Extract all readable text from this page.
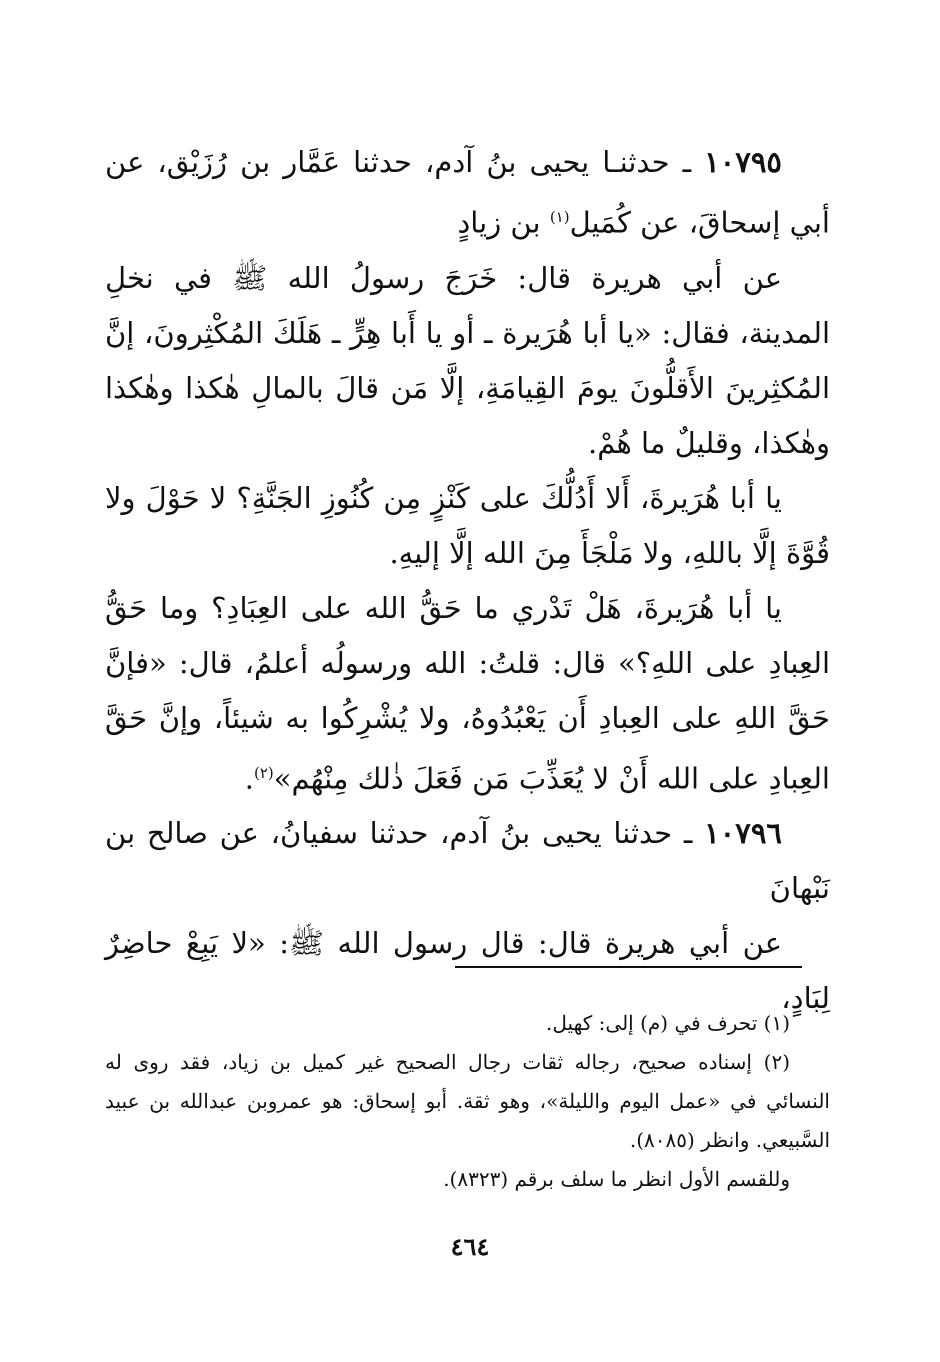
١٠٧٩٥ ـ حدثنـا يحيى بنُ آدم، حدثنا عَمَّار بن رُزَيْق، عن أبي إسحاقَ، عن كُمَيل$^{(١)}$ بن زيادٍ

عن أبي هريرة قال: خَرَجَ رسولُ الله ﷺ في نخلِ المدينة، فقال: «يا أبا هُرَيرة ـ أو يا أَبا هِرٍّ ـ هَلَكَ المُكْثِرونَ، إنَّ المُكثِرينَ الأَقلُّونَ يومَ القِيامَةِ، إلَّا مَن قالَ بالمالِ هٰكذا وهٰكذا وهٰكذا، وقليلٌ ما هُمْ.

يا أبا هُرَيرةَ، أَلا أَدُلُّكَ على كَنْزٍ مِن كُنُوزِ الجَنَّةِ؟ لا حَوْلَ ولا قُوَّةَ إلَّا باللهِ، ولا مَلْجَأَ مِنَ الله إلَّا إليهِ.

يا أبا هُرَيرةَ، هَلْ تَدْري ما حَقُّ الله على العِبَادِ؟ وما حَقُّ العِبادِ على اللهِ؟» قال: قلتُ: الله ورسولُه أعلمُ، قال: «فإنَّ حَقَّ اللهِ على العِبادِ أَن يَعْبُدُوهُ، ولا يُشْرِكُوا به شيئاً، وإنَّ حَقَّ العِبادِ على الله أَنْ لا يُعَذِّبَ مَن فَعَلَ ذٰلك مِنْهُم»$^{(٢)}$.

١٠٧٩٦ ـ حدثنا يحيى بنُ آدم، حدثنا سفيانُ، عن صالح بن نَبْهانَ

عن أبي هريرة قال: قال رسول الله ﷺ: «لا يَبِعْ حاضِرٌ لِبَادٍ،

(١) تحرف في (م) إلى: كهيل.

(٢) إسناده صحيح، رجاله ثقات رجال الصحيح غير كميل بن زياد، فقد روى له النسائي في «عمل اليوم والليلة»، وهو ثقة. أبو إسحاق: هو عمروبن عبدالله بن عبيد السَّبيعي. وانظر (٨٠٨٥).

وللقسم الأول انظر ما سلف برقم (٨٣٢٣).

٤٦٤
